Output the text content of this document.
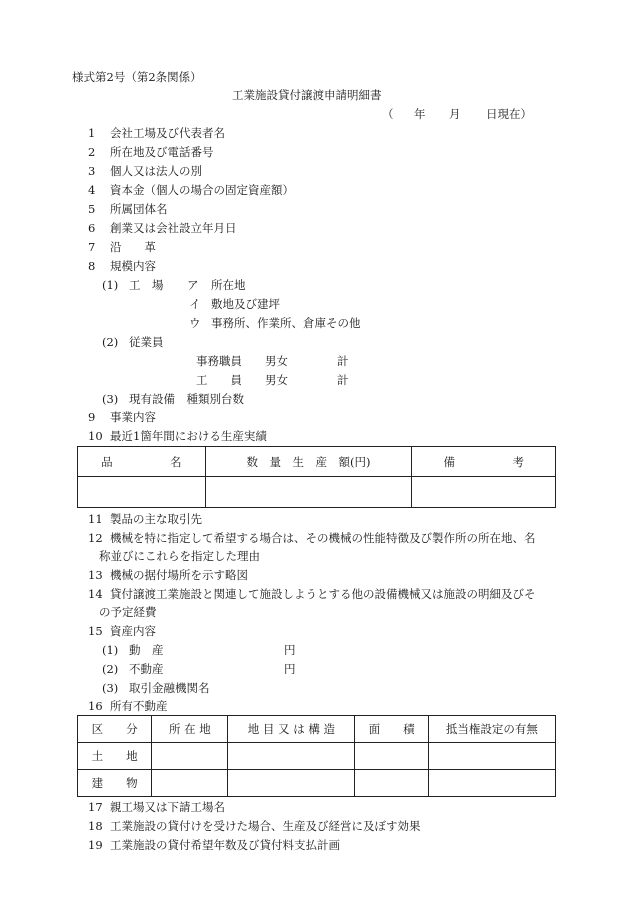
様式第2号（第2条関係）
工業施設貸付譲渡申請明細書
（ 年 月 日現在）
1 会社工場及び代表者名
2 所在地及び電話番号
3 個人又は法人の別
4 資本金（個人の場合の固定資産額）
5 所属団体名
6 創業又は会社設立年月日
7 沿　　革
8 規模内容
(1) 工　場 ア 所在地
イ 敷地及び建坪
ウ 事務所、作業所、倉庫その他
(2) 従業員
事務職員 男女	計
工　　員 男女	計
(3) 現有設備　種類別台数
9 事業内容
10 最近1箇年間における生産実績
品　　　　　名	数　量　生　産　額(円)	備　　　　　考

11 製品の主な取引先
12 機械を特に指定して希望する場合は、その機械の性能特徴及び製作所の所在地、名
称並びにこれらを指定した理由
13 機械の据付場所を示す略図
14 貸付譲渡工業施設と関連して施設しようとする他の設備機械又は施設の明細及びそ
の予定経費
15 資産内容
(1) 動　産	円
(2) 不動産	円
(3) 取引金融機関名
16 所有不動産
区　　分	所 在 地	地 目 又 は 構 造	面　　積	抵当権設定の有無
土　　地				
建　　物				
17 親工場又は下請工場名
18 工業施設の貸付けを受けた場合、生産及び経営に及ぼす効果
19 工業施設の貸付希望年数及び貸付料支払計画
